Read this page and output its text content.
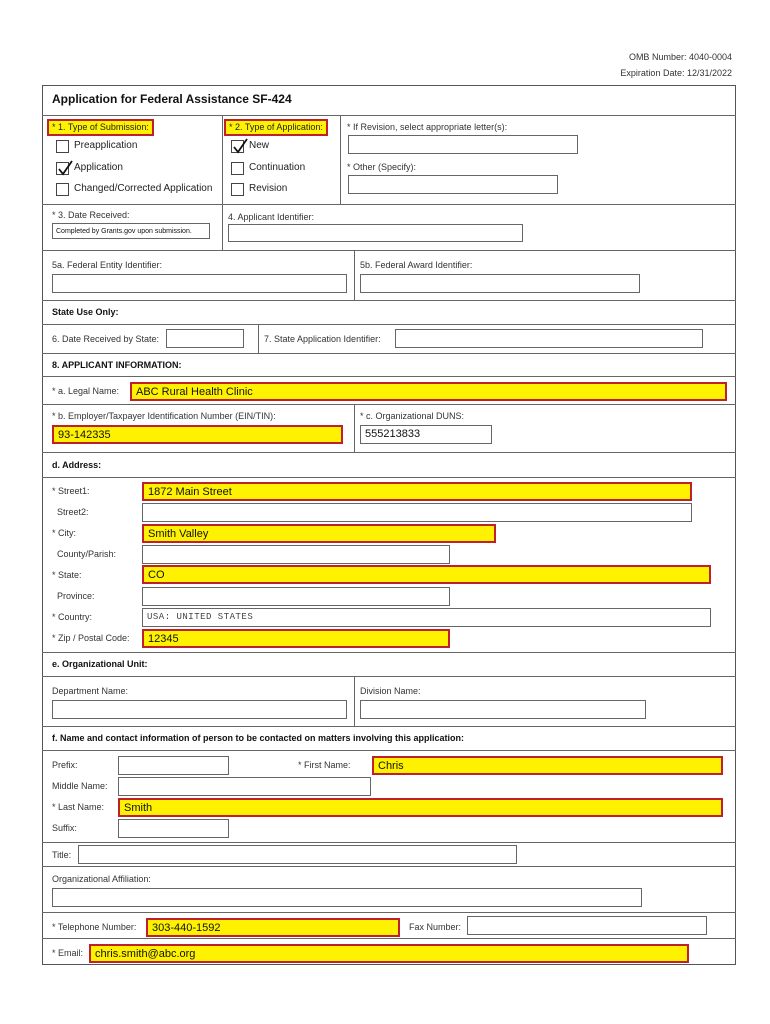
OMB Number: 4040-0004
Expiration Date: 12/31/2022
Application for Federal Assistance SF-424
* 1. Type of Submission:
Preapplication
Application
Changed/Corrected Application
* 2. Type of Application:
New
Continuation
Revision
* If Revision, select appropriate letter(s):
* Other (Specify):
* 3. Date Received:
Completed by Grants.gov upon submission.
4. Applicant Identifier:
5a. Federal Entity Identifier:	5b. Federal Award Identifier:
State Use Only:
6. Date Received by State:	7. State Application Identifier:
8. APPLICANT INFORMATION:
* a. Legal Name:	ABC Rural Health Clinic
* b. Employer/Taxpayer Identification Number (EIN/TIN):
93-142335
* c. Organizational DUNS:
555213833
d. Address:
* Street1:	1872 Main Street
Street2:
* City:	Smith Valley
County/Parish:
* State:	CO
Province:
* Country:	USA: UNITED STATES
* Zip / Postal Code:	12345
e. Organizational Unit:
Department Name:	Division Name:
f. Name and contact information of person to be contacted on matters involving this application:
Prefix:	* First Name:	Chris
Middle Name:
* Last Name:	Smith
Suffix:
Title:
Organizational Affiliation:
* Telephone Number:	303-440-1592	Fax Number:
* Email:	chris.smith@abc.org
